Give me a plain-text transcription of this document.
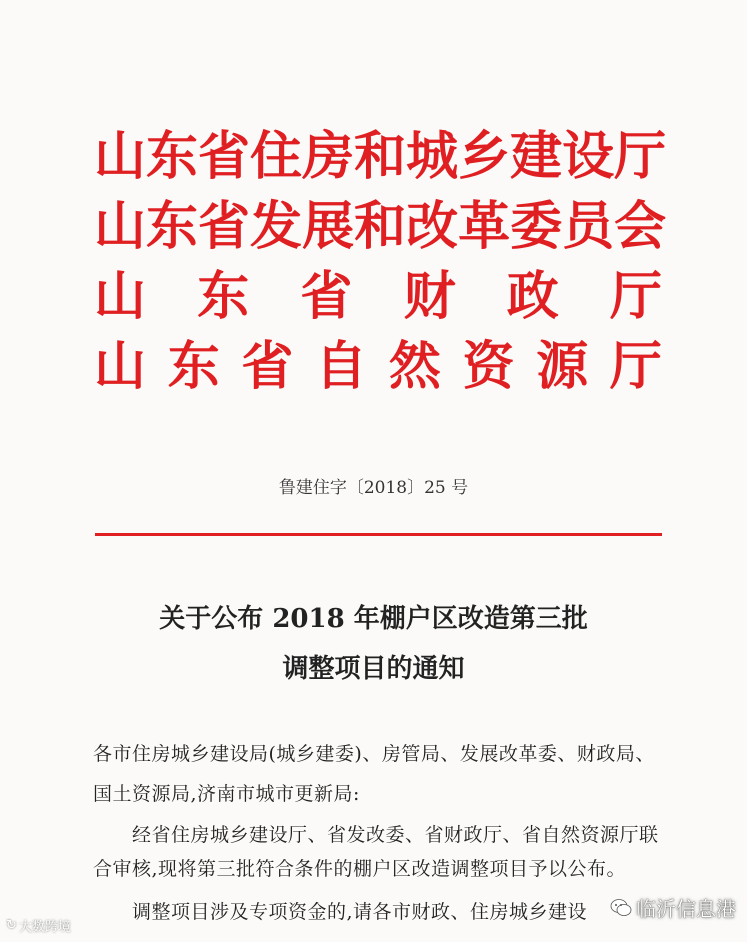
山 东 省 住 房 和 城 乡 建 设 厅
山 东 省 发 展 和 改 革 委 员 会
山 东 省 财 政 厅
山 东 省 自 然 资 源 厅
鲁建住字〔2018〕25 号
关于公布 2018 年棚户区改造第三批
调整项目的通知
各市住房城乡建设局(城乡建委)、房管局、发展改革委、财政局、
国土资源局,济南市城市更新局:
经省住房城乡建设厅、省发改委、省财政厅、省自然资源厅联
合审核,现将第三批符合条件的棚户区改造调整项目予以公布。
调整项目涉及专项资金的,请各市财政、住房城乡建设
↻ 大数跨境
临沂信息港
